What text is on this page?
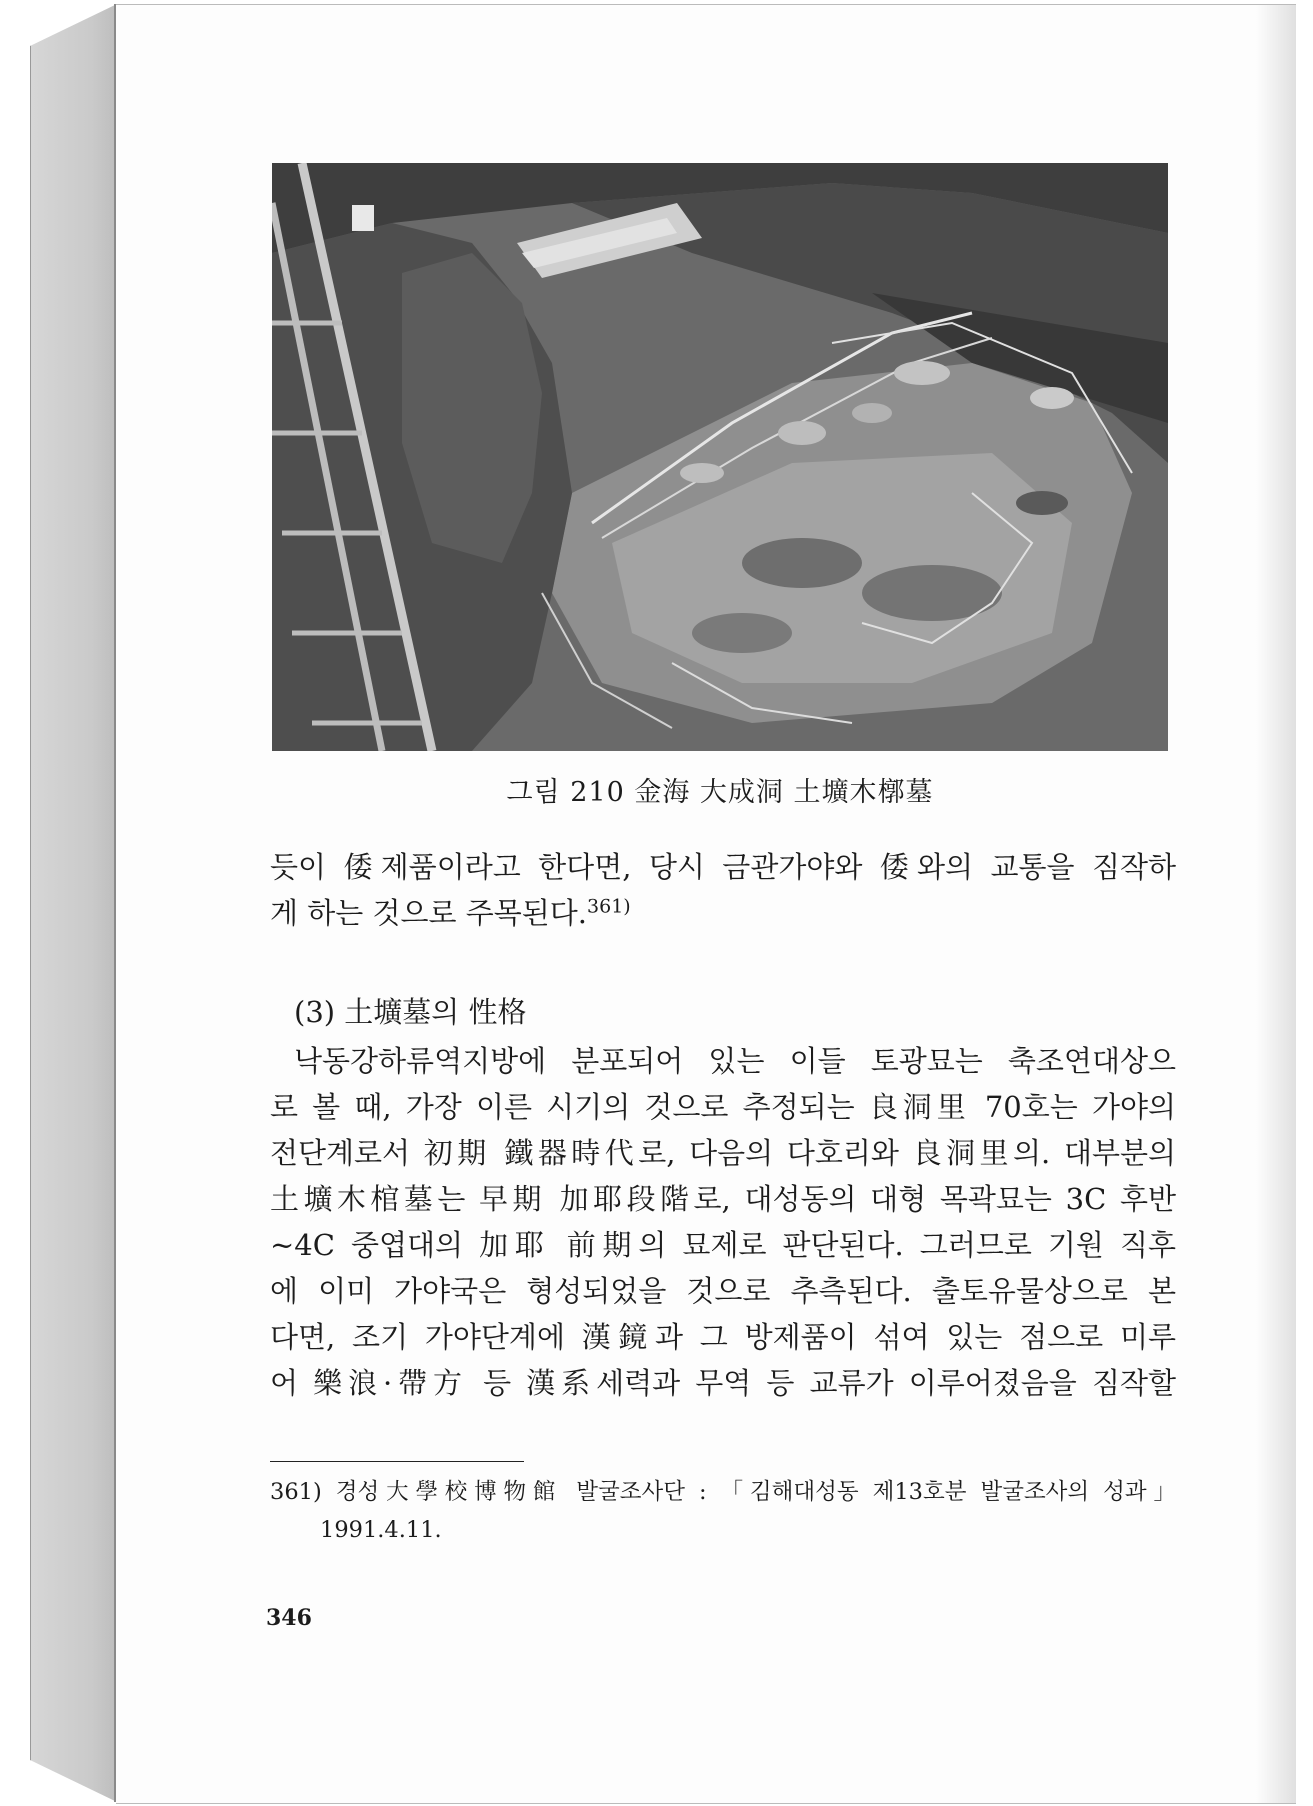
그림 210 金海 大成洞 土壙木槨墓

듯이 倭제품이라고 한다면, 당시 금관가야와 倭와의 교통을 짐작하

게 하는 것으로 주목된다.$^{361)}$

(3) 土壙墓의 性格

낙동강하류역지방에 분포되어 있는 이들 토광묘는 축조연대상으

로 볼 때, 가장 이른 시기의 것으로 추정되는 良洞里 70호는 가야의

전단계로서 初期 鐵器時代로, 다음의 다호리와 良洞里의. 대부분의

土壙木棺墓는 早期 加耶段階로, 대성동의 대형 목곽묘는 3C 후반

~4C 중엽대의 加耶 前期의 묘제로 판단된다. 그러므로 기원 직후

에 이미 가야국은 형성되었을 것으로 추측된다. 출토유물상으로 본

다면, 조기 가야단계에 漢鏡과 그 방제품이 섞여 있는 점으로 미루

어 樂浪·帶方 등 漢系세력과 무역 등 교류가 이루어졌음을 짐작할

361) 경성大學校博物館 발굴조사단 : 「김해대성동 제13호분 발굴조사의 성과」
1991.4.11.
346
